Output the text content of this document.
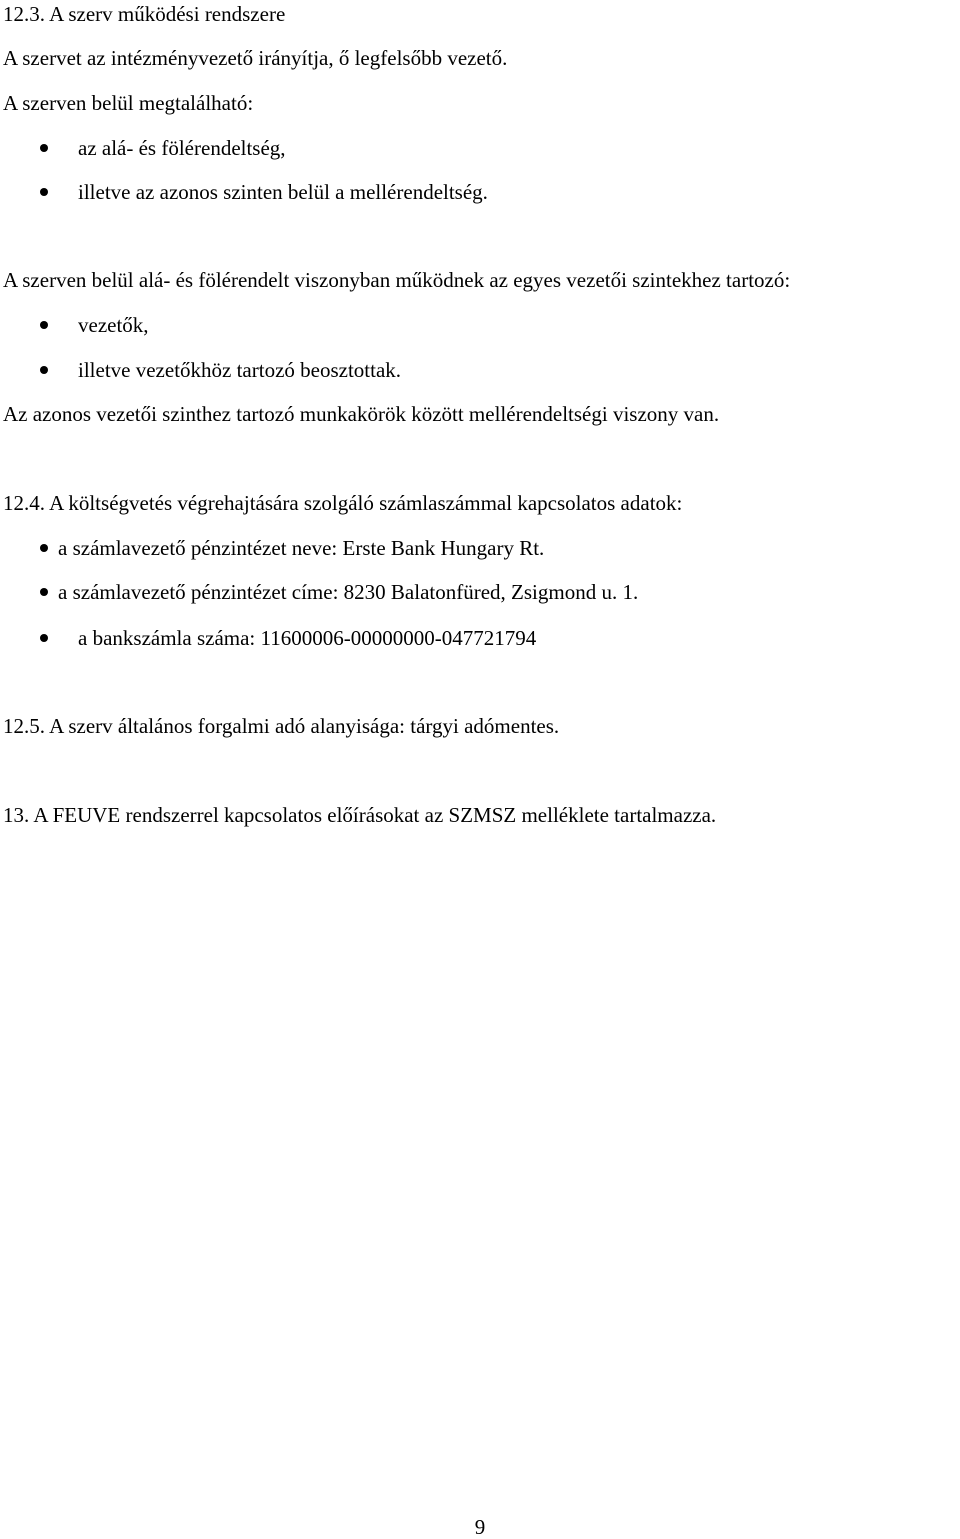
12.3. A szerv működési rendszere
A szervet az intézményvezető irányítja, ő legfelsőbb vezető.
A szerven belül megtalálható:
az alá- és fölérendeltség,
illetve az azonos szinten belül a mellérendeltség.
A szerven belül alá- és fölérendelt viszonyban működnek az egyes vezetői szintekhez tartozó:
vezetők,
illetve vezetőkhöz tartozó beosztottak.
Az azonos vezetői szinthez tartozó munkakörök között mellérendeltségi viszony van.
12.4. A költségvetés végrehajtására szolgáló számlaszámmal kapcsolatos adatok:
a számlavezető pénzintézet neve: Erste Bank Hungary Rt.
a számlavezető pénzintézet címe: 8230 Balatonfüred, Zsigmond u. 1.
a bankszámla száma: 11600006-00000000-047721794
12.5. A szerv általános forgalmi adó alanyisága: tárgyi adómentes.
13. A FEUVE rendszerrel kapcsolatos előírásokat az SZMSZ melléklete tartalmazza.
9
